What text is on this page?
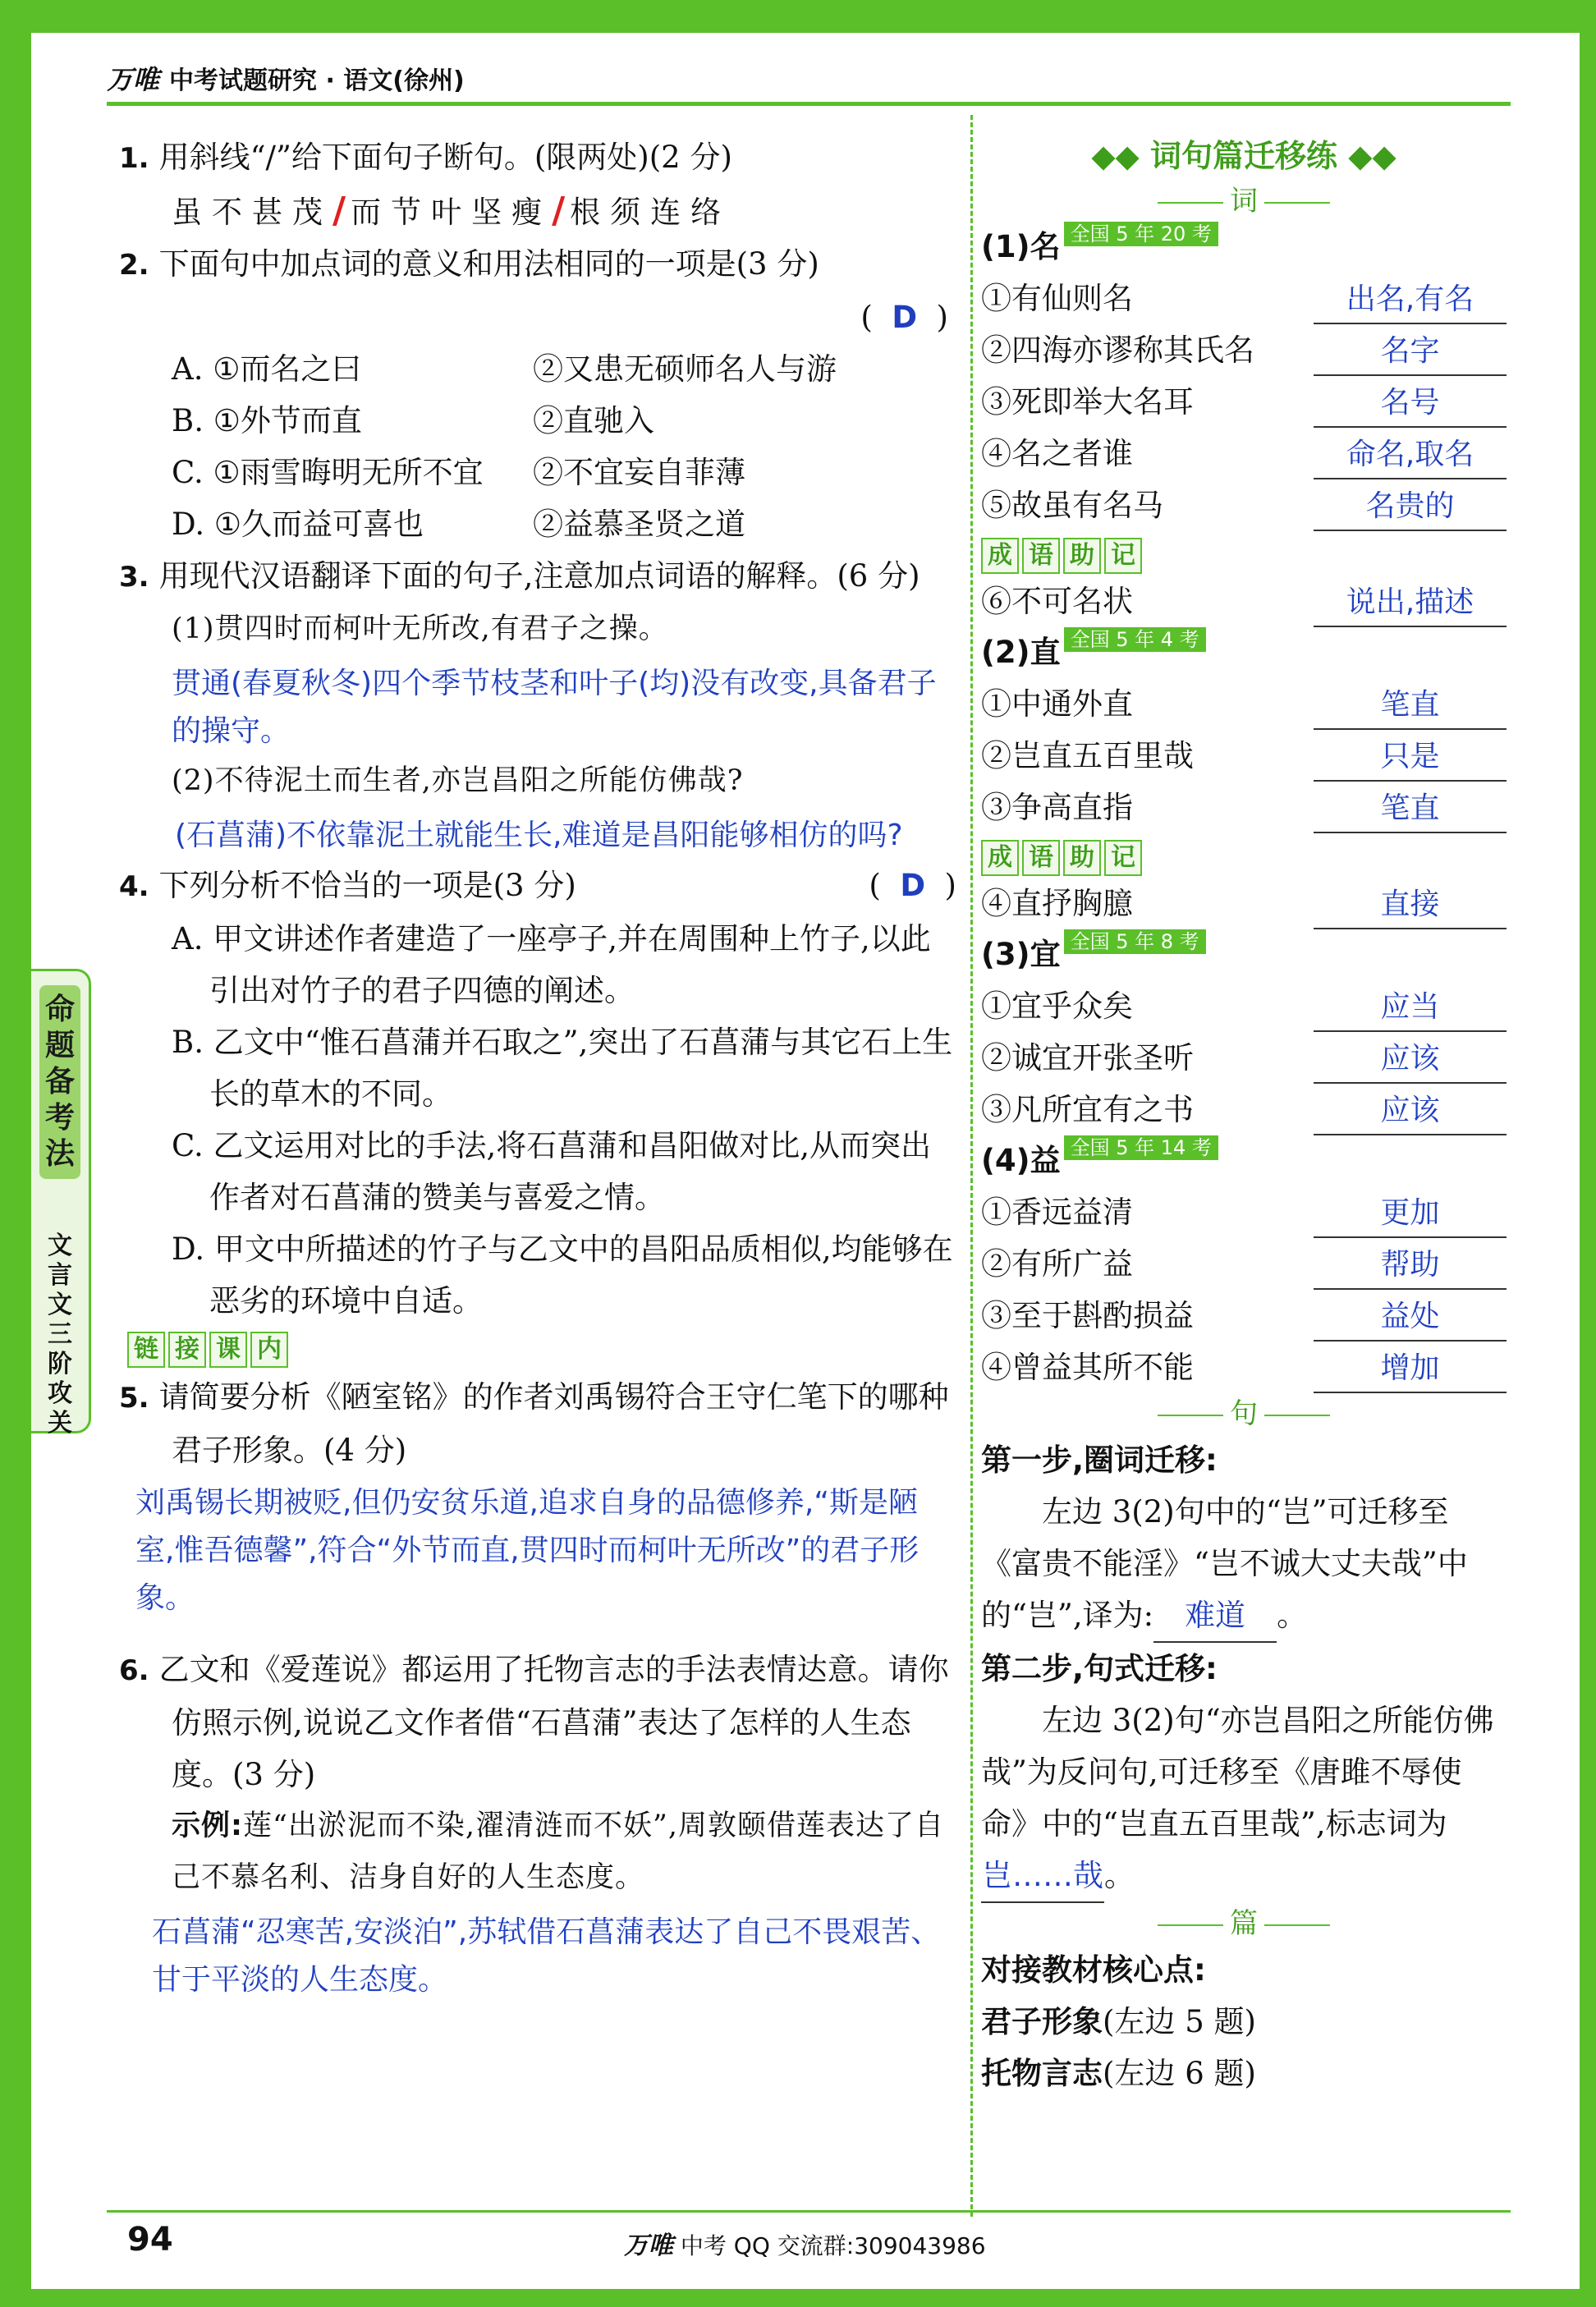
万唯 中考试题研究 · 语文(徐州)
命题备考法
文言文三阶攻关
1. 用斜线“/”给下面句子断句。(限两处)(2 分)
虽不甚茂/而节叶坚瘦/根须连络
2. 下面句中加点词的意义和用法相同的一项是(3 分)
(  D  )
A. ①而名之曰	②又患无硕师名人与游
B. ①外节而直	②直驰入
C. ①雨雪晦明无所不宜	②不宜妄自菲薄
D. ①久而益可喜也	②益慕圣贤之道
3. 用现代汉语翻译下面的句子,注意加点词语的解释。(6 分)
(1)贯四时而柯叶无所改,有君子之操。
贯通(春夏秋冬)四个季节枝茎和叶子(均)没有改变,具备君子的操守。
(2)不待泥土而生者,亦岂昌阳之所能仿佛哉?
(石菖蒲)不依靠泥土就能生长,难道是昌阳能够相仿的吗?
4. 下列分析不恰当的一项是(3 分)	(  D  )
A. 甲文讲述作者建造了一座亭子,并在周围种上竹子,以此引出对竹子的君子四德的阐述。
B. 乙文中“惟石菖蒲并石取之”,突出了石菖蒲与其它石上生长的草木的不同。
C. 乙文运用对比的手法,将石菖蒲和昌阳做对比,从而突出作者对石菖蒲的赞美与喜爱之情。
D. 甲文中所描述的竹子与乙文中的昌阳品质相似,均能够在恶劣的环境中自适。
链 接 课 内
5. 请简要分析《陋室铭》的作者刘禹锡符合王守仁笔下的哪种君子形象。(4 分)
刘禹锡长期被贬,但仍安贫乐道,追求自身的品德修养,“斯是陋室,惟吾德馨”,符合“外节而直,贯四时而柯叶无所改”的君子形象。
6. 乙文和《爱莲说》都运用了托物言志的手法表情达意。请你仿照示例,说说乙文作者借“石菖蒲”表达了怎样的人生态度。(3 分)
示例:莲“出淤泥而不染,濯清涟而不妖”,周敦颐借莲表达了自己不慕名利、洁身自好的人生态度。
石菖蒲“忍寒苦,安淡泊”,苏轼借石菖蒲表达了自己不畏艰苦、甘于平淡的人生态度。
◆◆ 词句篇迁移练 ◆◆
词
(1)名 全国 5 年 20 考
①有仙则名	出名,有名
②四海亦谬称其氏名	名字
③死即举大名耳	名号
④名之者谁	命名,取名
⑤故虽有名马	名贵的
成 语 助 记
⑥不可名状	说出,描述
(2)直 全国 5 年 4 考
①中通外直	笔直
②岂直五百里哉	只是
③争高直指	笔直
成 语 助 记
④直抒胸臆	直接
(3)宜 全国 5 年 8 考
①宜乎众矣	应当
②诚宜开张圣听	应该
③凡所宜有之书	应该
(4)益 全国 5 年 14 考
①香远益清	更加
②有所广益	帮助
③至于斟酌损益	益处
④曾益其所不能	增加
句
第一步,圈词迁移:
左边 3(2)句中的“岂”可迁移至《富贵不能淫》“岂不诚大丈夫哉”中的“岂”,译为: 难道 。
第二步,句式迁移:
左边 3(2)句“亦岂昌阳之所能仿佛哉”为反问句,可迁移至《唐雎不辱使命》中的“岂直五百里哉”,标志词为岂……哉。
篇
对接教材核心点:
君子形象(左边 5 题)
托物言志(左边 6 题)
94	万唯 中考 QQ 交流群:309043986
